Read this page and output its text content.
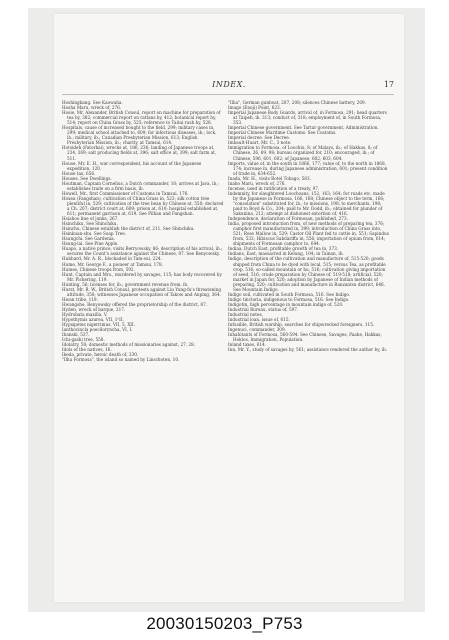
INDEX.	17

Hoshingkang. See Kaowaha.

Hosha Maru, wreck of, 276.

Hosie, Mr. Alexander, British Consul, report on machine for preparation of tea by, 382; commercial report on rattans by, 412; botanical report by, 514; report on China Grass by, 525; reference to Taitai rush by, 528.

Hospitals, cause of increased bought to the field, 299; military cases in, 299; medical school attached to, 609; for infectious diseases, ib.; lock, ib.; military, ib.; Canadian Presbyterian Mission, 613; English Presbyterian Mission, ib.; charity, at Tamsui, 614.

Hotsideh (Fatorhai), wrecks at, 186, 236; landing of Japanese troops at, 234, 369; salt producing fields at, 396; salt office at, 399; salt farm at, 511.

House, Mr. E. H., war correspondent, his account of the Japanese expedition, 120.

House tax, 656.

Houses. See Dwellings.

Houtman, Captain Cornelius, a Dutch commander, 10; arrives at Java, ib.; establishes trade on a firm basis, ib.

Howell, Mr., first Commissioner of Customs in Tamsui, 176.

Hoxea (Fangshan), cultivation of China Grass in, 523; silk cotton tree plentiful in, 529; cultivation of the tree bean by Chinese at, 550; declared a Ch. 207; district court at, 609; prison at, 610; hospital established at, 611; permanent garrison at, 619. See Pilhan and Fangshan.

Hsiahoo line of junks, 267.

Hsinchiku. See Shinchiku.

Hsinchu, Chinese establish the district of, 211. See Shinchiku.

Hsinkuan-shu. See Soap Tree.

Hsungchi. See Gardenia.

Hsung-lai. See Pine Apple.

Huapo, a native prince, visits Berryowsky, 86; description of his arrival, ib.; secures the Count's assistance against the Chinese, 87. See Benyowsky.

Hubbard, Mr. A. R., blockaded in Tam-sui, 224.

Hume, Mr. George F., a pioneer at Tamsui, 178.

Humes, Chinese troops from, 592.

Hunt, Captain and Mrs., murdered by savages, 115; has body recovered by Mr. Pickering, 119.

Hunting, 56; licenses for, ib.; government revenue from, ib.

Hurst, Mr. R. W., British Consul, protests against Liu Yung-fu's threatening attitude, 350; witnesses Japanese occupation of Takow and Anping, 364.

Hwan tribe, 119.

Hwangshe, Benyowsky offered the proprietorship of the district, 87.

Hyden, wreck of barque, 217.

Hydrobata maxilla, V.

Hypothymis azurea, VII, 1⁰II.

Hypsipetes nigerrimus, VII, 5, XII.

Ianthocincla poeciloryncha, VI, I.

Ibanski, 537.

Ichi-gashi tree, 558.

Idolatry, 50; domestic methods of missionaries against, 27, 28.

Idols of the natives, 16.

Ikeda, private, heroic death of, 330.

"Ilha Formosa", the island so named by Linschoten, 10.

"Illia", German gunboat, 207, 208; silences Chinese battery, 209.

Imago (Enoji) Point, 623.

Imperial Japanese Body Guards, arrival of, in Formosa, 291; head quarters at Taipeh, ib. 313; conduct of, 318; employment of, in South Formosa, 353.

Imperial Chinese government. See Tartar government, Administration.

Imperial Chinese Maritime Customs. See Customs.

Imperial decree. See Decree.

Imbault-Huart, Mr. C., 3 note.

Immigration to Formosa, of Loochiu, 8; of Malays, ib.; of Hakkas, 8; of Chinese, 26, 69, 98; bureau organized for, 210; encouraged, ib.; of Chinese, 596, 601, 602; of Japanese, 602, 603, 604.

Imports, value of, in the south in 1866, 177; value of, to the north in 1868, 174; increase in, during Japanese administration, 601; present condition of trade in, 634-652.

Inada, Mr. H., visits Botel Tobago, 583.

Inaho Maru, wreck of, 276.

Incense, used in ratification of a treaty, 97.

Indemnity, for slaughtered Loochoans, 152, 163; 164; for roads etc. made by the Japanese in Formosa, 166, 168; Chinese object to the term, 166; "consolation" substituted for, ib.; to missions, 198; to merchants, 198; paid to Boyd & Co., 204; paid to Mr. Dodd, ib.; obtained for plunder of Sakunina, 212; attempt at dishonest extortion of, 416.

Independence, declaration of Formosan, published, 273.

India, proposed introduction from, of new methods of preparing tea, 376; camphor first manufactured in, 399; introduction of China Grass into, 521; Rose Mallow in, 529; Castor Oil Plant fed to cattle in, 551; Sapindus from, 532; Hibiscus Sabdariffa in, 556; importation of opium from, 614; shipments of Formosan camphor to, 644.

Indiaa, Dutch East, profitable growth of tea in, 373.

Indians, East, massacred in Kelung, 104; in Tainan, ib.

Indigo, description of the cultivation and manufacture of, 515-520; goods shipped from China to be dyed with local, 515; versus Tea, as profitable crop, 516; so-called mountain or bu, 516; cultivation giving importation of seed, 516; crude preparation by Chinese of, 519-518; artificial, 520; market in Japan for, 520; adoption by Japanese of Indian methods of preparing, 520; cultivation and manufacture in Banzantsu district, 646. See Mountain Indigo.

Indigo soil, cultivated in South Formosa, 516. See Indigo.

Indigo tinctoria, indigenous to Formosa, 516. See Indigo.

Indigotin, high percentage in mountain indigo of, 520.

Industrial Bureau, status of, 597.

Industrial notes,

Industrial loan, issue of, 615.

Infusible, British warship, searches for shipwrecked foreigners, 115.

Ingenuci, commander, 309.

Inhabitants of Formosa, 560-594. See Chinese, Savages, Paahe, Hakkas, Hoklos, Immigration, Population.

Inland taxes, 614.

Inn, Mr. Y., study of savages by, 561; assistance rendered the author by, ib.

20030150203_P753
